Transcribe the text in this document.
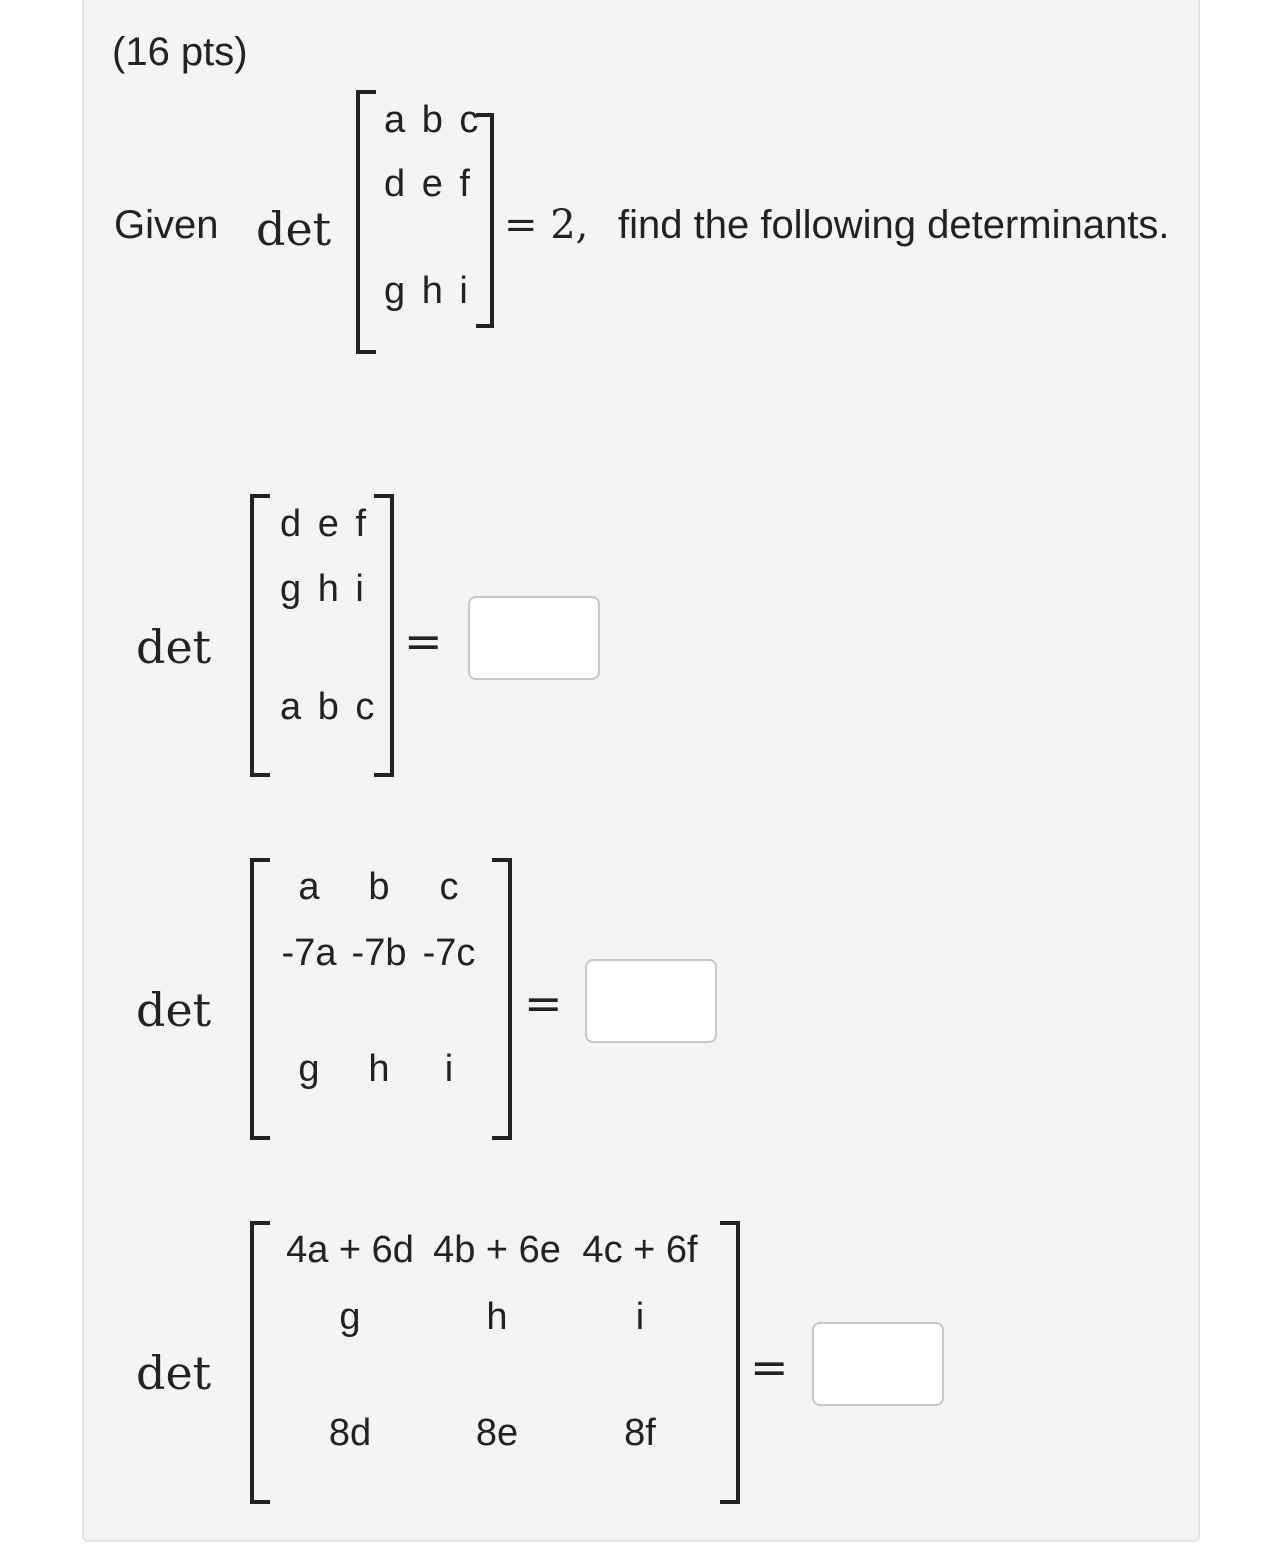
(16 pts)
Given det
a b c
d e f
g h i
= 2, find the following determinants.
det
d e f
g h i
a b c
=
det
a b c
-7a -7b -7c
g h i
=
det
4a + 6d 4b + 6e 4c + 6f
g	h	i
8d	8e	8f
=
